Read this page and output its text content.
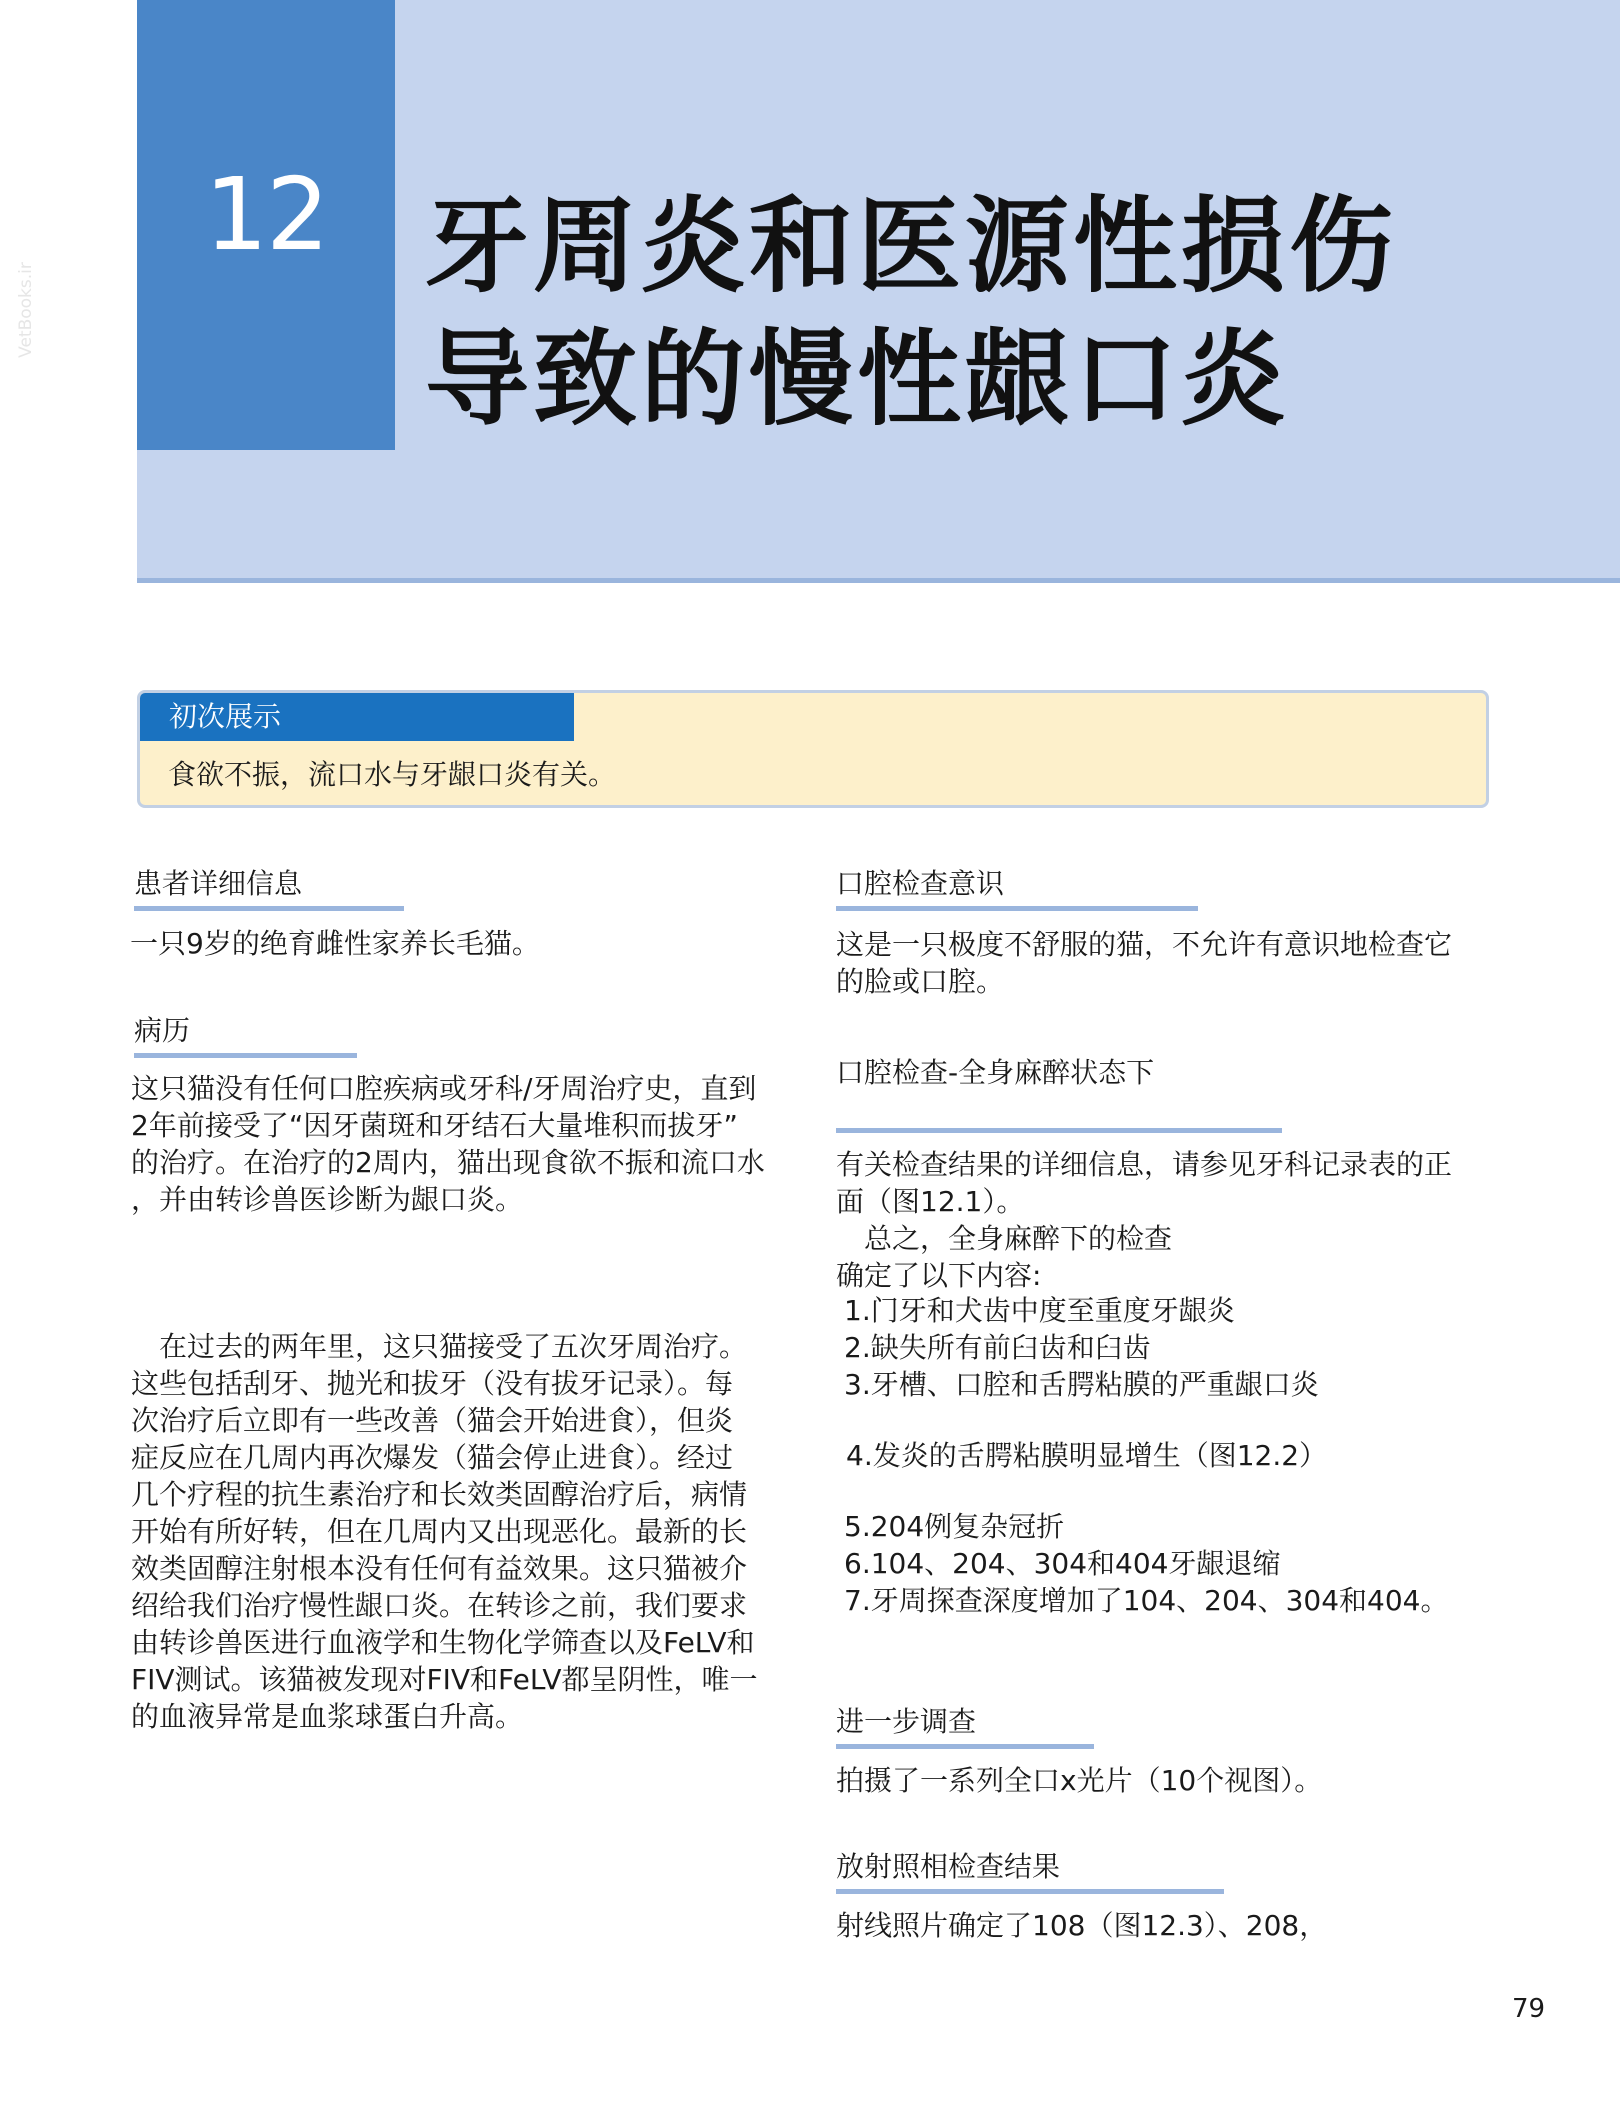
12 牙周炎和医源性损伤
导致的慢性龈口炎
VetBooks.ir
初次展示
食欲不振，流口水与牙龈口炎有关。
患者详细信息
一只9岁的绝育雌性家养长毛猫。
病历
这只猫没有任何口腔疾病或牙科/牙周治疗史，直到
2年前接受了“因牙菌斑和牙结石大量堆积而拔牙”
的治疗。在治疗的2周内，猫出现食欲不振和流口水
，并由转诊兽医诊断为龈口炎。
　在过去的两年里，这只猫接受了五次牙周治疗。
这些包括刮牙、抛光和拔牙（没有拔牙记录）。每
次治疗后立即有一些改善（猫会开始进食），但炎
症反应在几周内再次爆发（猫会停止进食）。经过
几个疗程的抗生素治疗和长效类固醇治疗后，病情
开始有所好转，但在几周内又出现恶化。最新的长
效类固醇注射根本没有任何有益效果。这只猫被介
绍给我们治疗慢性龈口炎。在转诊之前，我们要求
由转诊兽医进行血液学和生物化学筛查以及FeLV和
FIV测试。该猫被发现对FIV和FeLV都呈阴性，唯一
的血液异常是血浆球蛋白升高。
口腔检查意识
这是一只极度不舒服的猫，不允许有意识地检查它
的脸或口腔。
口腔检查-全身麻醉状态下
有关检查结果的详细信息，请参见牙科记录表的正
面（图12.1）。
　总之，全身麻醉下的检查
确定了以下内容:
1.门牙和犬齿中度至重度牙龈炎
2.缺失所有前臼齿和臼齿
3.牙槽、口腔和舌腭粘膜的严重龈口炎
4.发炎的舌腭粘膜明显增生（图12.2）
5.204例复杂冠折
6.104、204、304和404牙龈退缩
7.牙周探查深度增加了104、204、304和404。
进一步调查
拍摄了一系列全口x光片（10个视图）。
放射照相检查结果
射线照片确定了108（图12.3）、208，
79
